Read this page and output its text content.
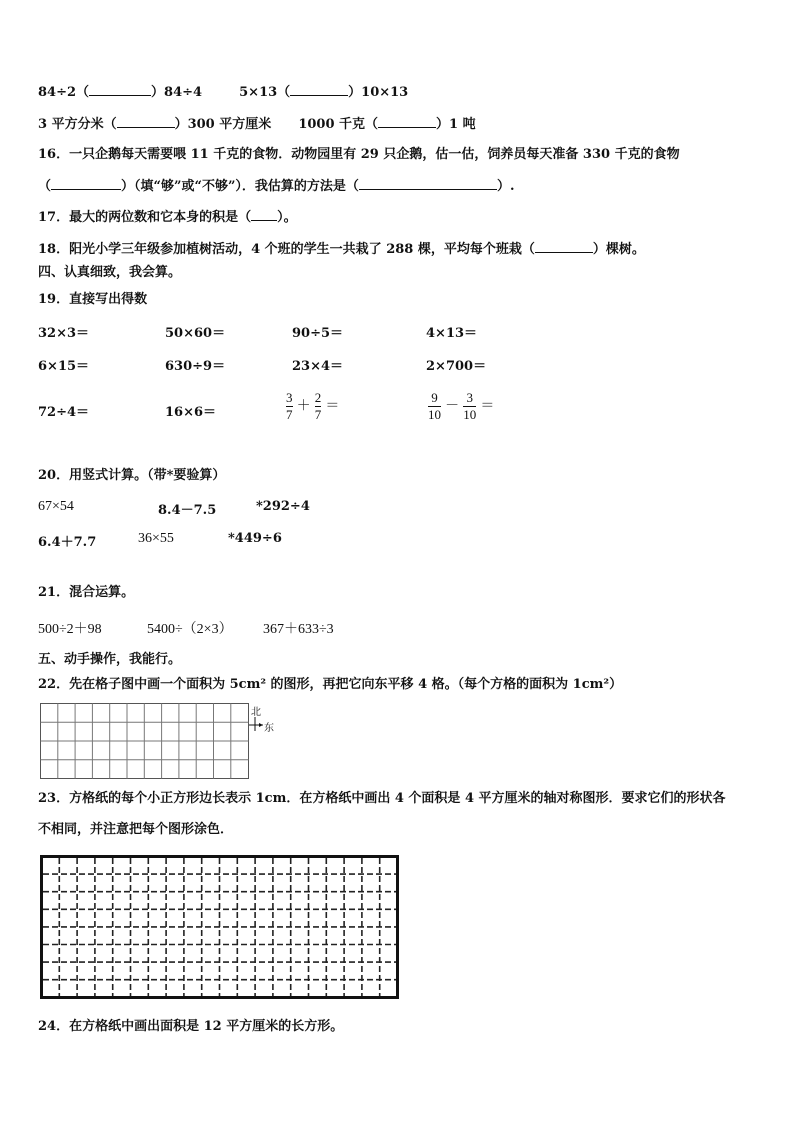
84÷2（	）84÷4	5×13（	）10×13
3 平方分米（	）300 平方厘米 1000 千克（	）1 吨
16．一只企鹅每天需要喂 11 千克的食物．动物园里有 29 只企鹅，估一估，饲养员每天准备 330 千克的食物
（	）（填“够”或“不够”）．我估算的方法是（	）.
17．最大的两位数和它本身的积是（ ）。
18．阳光小学三年级参加植树活动，4 个班的学生一共栽了 288 棵，平均每个班栽（	）棵树。
四、认真细致，我会算。
19．直接写出得数
32×3＝	50×60＝	90÷5＝	4×13＝
6×15＝	630÷9＝	23×4＝	2×700＝
72÷4＝	16×6＝	$\frac{3}{7} + \frac{2}{7}$ ＝	$\frac{9}{10} - \frac{3}{10}$ ＝
20．用竖式计算。（带*要验算）
67×54	8.4－7.5	*292÷4
6.4＋7.7	36×55	*449÷6
21．混合运算。
500÷2＋98	5400÷（2×3） 367＋633÷3
五、动手操作，我能行。
22．先在格子图中画一个面积为 5cm² 的图形，再把它向东平移 4 格。（每个方格的面积为 1cm²）
北
东
23．方格纸的每个小正方形边长表示 1cm．在方格纸中画出 4 个面积是 4 平方厘米的轴对称图形．要求它们的形状各
不相同，并注意把每个图形涂色．
24．在方格纸中画出面积是 12 平方厘米的长方形。
